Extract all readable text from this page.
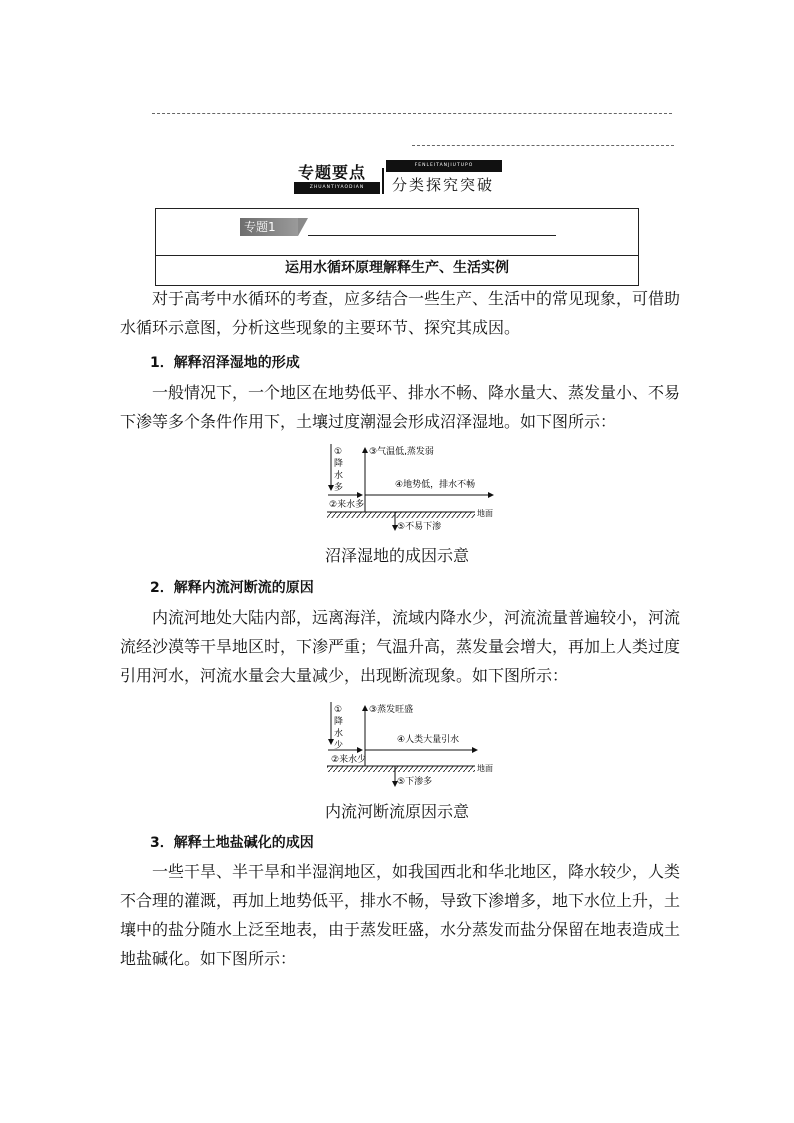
专题要点
ZHUANTIYAODIAN
FENLEITANJIUTUPO
分类探究突破
专题1
运用水循环原理解释生产、生活实例
对于高考中水循环的考查，应多结合一些生产、生活中的常见现象，可借助水循环示意图，分析这些现象的主要环节、探究其成因。
1．解释沼泽湿地的形成
一般情况下，一个地区在地势低平、排水不畅、降水量大、蒸发量小、不易下渗等多个条件作用下，土壤过度潮湿会形成沼泽湿地。如下图所示：
①
降
水
多
③气温低,蒸发弱
②来水多
④地势低，排水不畅
地面
⑤不易下渗
沼泽湿地的成因示意
2．解释内流河断流的原因
内流河地处大陆内部，远离海洋，流域内降水少，河流流量普遍较小，河流流经沙漠等干旱地区时，下渗严重；气温升高，蒸发量会增大，再加上人类过度引用河水，河流水量会大量减少，出现断流现象。如下图所示：
①
降
水
少
③蒸发旺盛
②来水少
④人类大量引水
地面
⑤下渗多
内流河断流原因示意
3．解释土地盐碱化的成因
一些干旱、半干旱和半湿润地区，如我国西北和华北地区，降水较少，人类不合理的灌溉，再加上地势低平，排水不畅，导致下渗增多，地下水位上升，土壤中的盐分随水上泛至地表，由于蒸发旺盛，水分蒸发而盐分保留在地表造成土地盐碱化。如下图所示：
